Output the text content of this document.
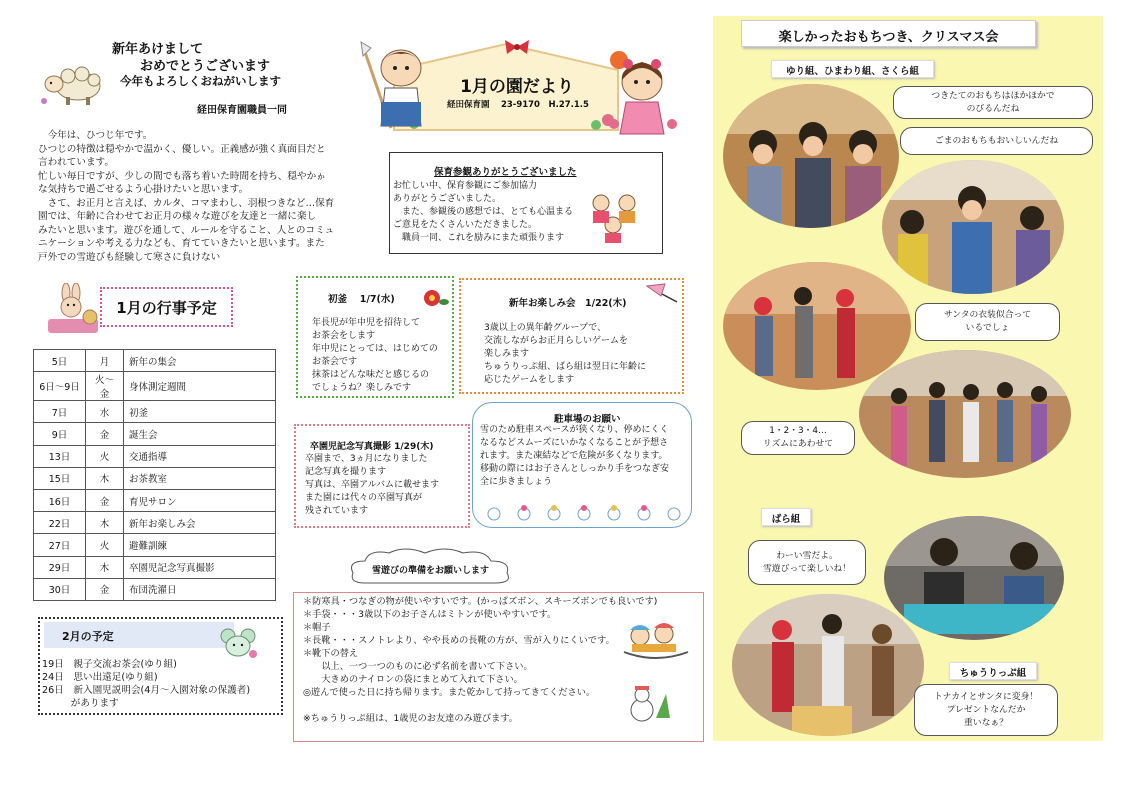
新年あけまして
おめでとうございます
今年もよろしくおねがいします
経田保育園職員一同
　今年は、ひつじ年です。
ひつじの特徴は穏やかで温かく、優しい。正義感が強く真面目だと
言われています。
忙しい毎日ですが、少しの間でも落ち着いた時間を持ち、穏やかゕ
な気持ちで過ごせるよう心掛けたいと思います。
　さて、お正月と言えば、カルタ、コマまわし、羽根つきなど…保育
園では、年齢に合わせてお正月の様々な遊びを友達と一緒に楽し
みたいと思います。遊びを通して、ルールを守ること、人とのコミュ
ニケーションや考える力なども、育てていきたいと思います。また
戸外での雪遊びも経験して寒さに負けない
1月の行事予定
5日	月	新年の集会
6日～9日	火～金	身体測定週間
7日	水	初釜
9日	金	誕生会
13日	火	交通指導
15日	木	お茶教室
16日	金	育児サロン
22日	木	新年お楽しみ会
27日	火	避難訓練
29日	木	卒園児記念写真撮影
30日	金	布団洗濯日
2月の予定
19日　親子交流お茶会(ゆり組)
24日　思い出遠足(ゆり組)
26日　新入園児説明会(4月～入園対象の保護者)
　　　があります
1月の園だより
経田保育園　 23-9170　H.27.1.5
保育参観ありがとうございました
お忙しい中、保育参観にご参加協力
ありがとうございました。
　また、参観後の感想では、とても心温まる
ご意見をたくさんいただきました。
　職員一同、これを励みにまた頑張ります
初釜　 1/7(水)
年長児が年中児を招待して
お茶会をします
年中児にとっては、はじめての
お茶会です
抹茶はどんな味だと感じるの
でしょうね？楽しみです
新年お楽しみ会　1/22(木)
3歳以上の異年齢グループで、
交流しながらお正月らしいゲームを
楽しみます
ちゅうりっぷ組、ばら組は翌日に年齢に
応じたゲームをします
卒園児記念写真撮影 1/29(木)
卒園まで、3ヵ月になりました
記念写真を撮ります
写真は、卒園アルバムに載せます
また園には代々の卒園写真が
残されています
駐車場のお願い
雪のため駐車スペースが狭くなり、停めにくく
なるなどスムーズにいかなくなることが予想さ
れます。また凍結などで危険が多くなります。
移動の際にはお子さんとしっかり手をつなぎ安
全に歩きましょう
雪遊びの準備をお願いします
＊防寒具・つなぎの物が使いやすいです。(かっぱズボン、スキーズボンでも良いです)
＊手袋・・・3歳以下のお子さんはミトンが使いやすいです。
＊帽子
＊長靴・・・スノトレより、やや長めの長靴の方が、雪が入りにくいです。
＊靴下の替え
　　以上、一つ一つのものに必ず名前を書いて下さい。
　　大きめのナイロンの袋にまとめて入れて下さい。
◎遊んで使った日に持ち帰ります。また乾かして持ってきてください。

※ちゅうりっぷ組は、1歳児のお友達のみ遊びます。
楽しかったおもちつき、クリスマス会
ゆり組、ひまわり組、さくら組
つきたてのおもちはほかほかで
のびるんだね
ごまのおもちもおいしいんだね
サンタの衣装似合って
いるでしょ
1・2・3・4…
リズムにあわせて
ばら組
わーい雪だよ。
雪遊びって楽しいね！
ちゅうりっぷ組
トナカイとサンタに変身！
プレゼントなんだか
重いなぁ？
